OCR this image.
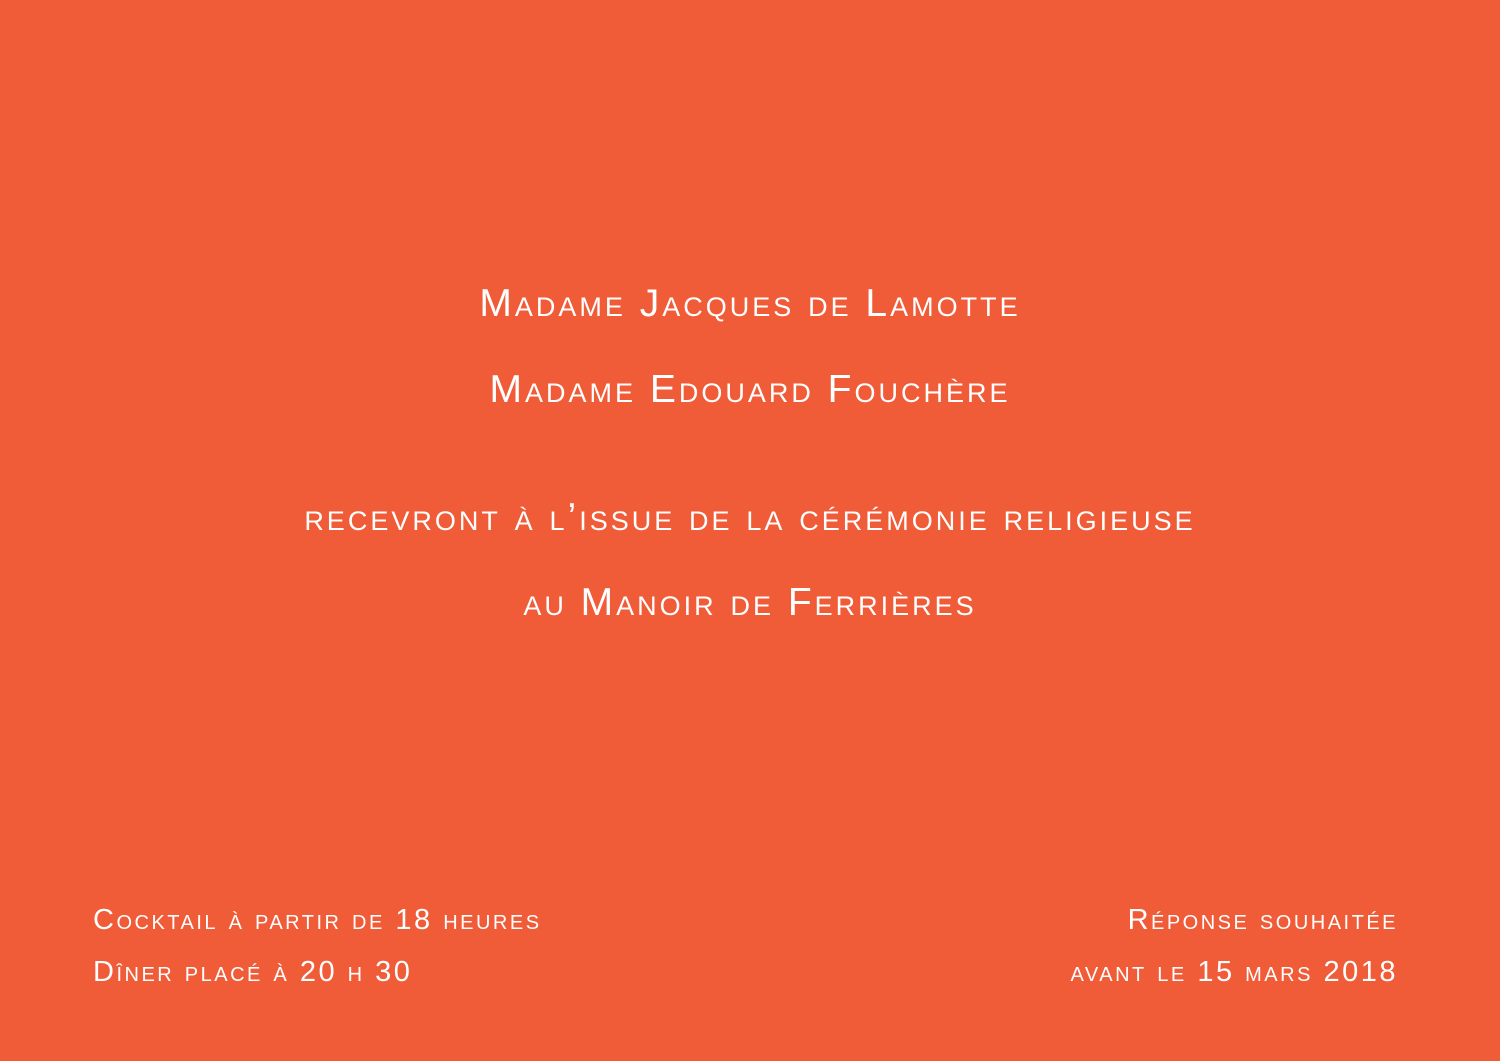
Madame Jacques de Lamotte
Madame Edouard Fouchère
recevront à l’issue de la cérémonie religieuse
au Manoir de Ferrières
Cocktail à partir de 18 heures
Dîner placé à 20 h 30
Réponse souhaitée
avant le 15 mars 2018
